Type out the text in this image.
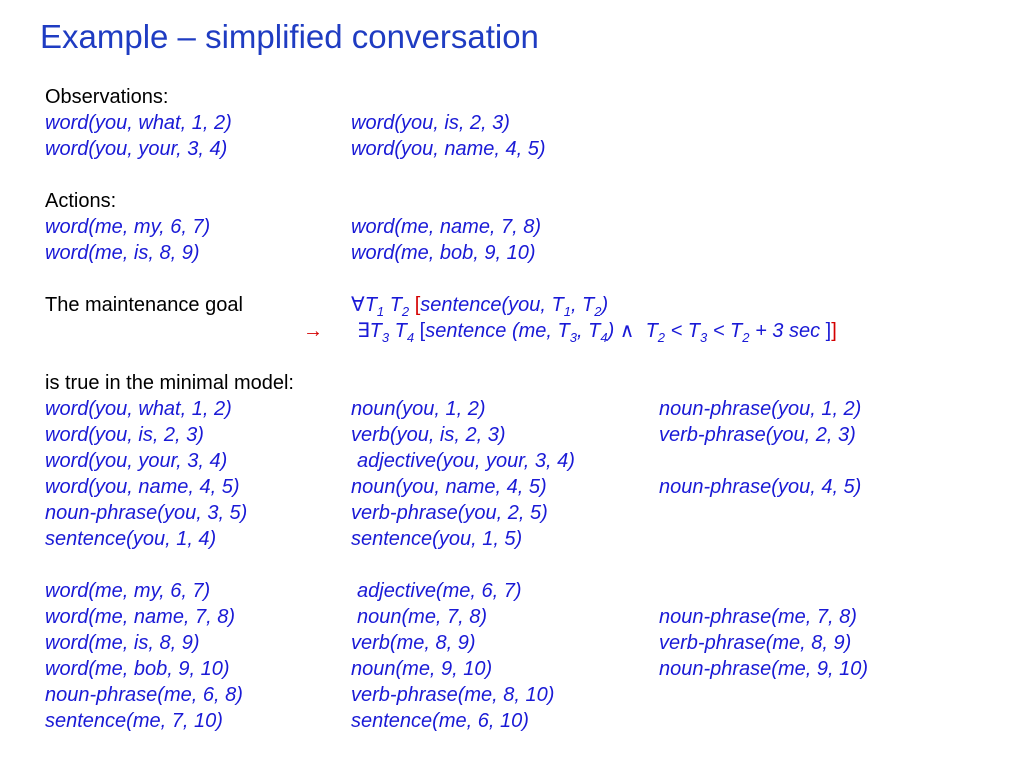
Example – simplified conversation
Observations:
word(you, what, 1, 2)	word(you, is, 2, 3)
word(you, your, 3, 4)	word(you, name, 4, 5)
Actions:
word(me, my, 6, 7)	word(me, name, 7, 8)
word(me, is, 8, 9)	word(me, bob, 9, 10)
The maintenance goal	$\forall T_1$ $T_2$ [sentence(you, $T_1$, $T_2$)
→ $\exists T_3$ $T_4$ [sentence (me, $T_3$, $T_4$) ∧ $T_2 < T_3 < T_2 + 3$ sec ]]
is true in the minimal model:
word(you, what, 1, 2)	noun(you, 1, 2)	noun-phrase(you, 1, 2)
word(you, is, 2, 3)	verb(you, is, 2, 3)	verb-phrase(you, 2, 3)
word(you, your, 3, 4)	adjective(you, your, 3, 4)
word(you, name, 4, 5)	noun(you, name, 4, 5)	noun-phrase(you, 4, 5)
noun-phrase(you, 3, 5)	verb-phrase(you, 2, 5)
sentence(you, 1, 4)	sentence(you, 1, 5)
word(me, my, 6, 7)	adjective(me, 6, 7)
word(me, name, 7, 8)	noun(me, 7, 8)	noun-phrase(me, 7, 8)
word(me, is, 8, 9)	verb(me, 8, 9)	verb-phrase(me, 8, 9)
word(me, bob, 9, 10)	noun(me, 9, 10)	noun-phrase(me, 9, 10)
noun-phrase(me, 6, 8)	verb-phrase(me, 8, 10)
sentence(me, 7, 10)	sentence(me, 6, 10)
